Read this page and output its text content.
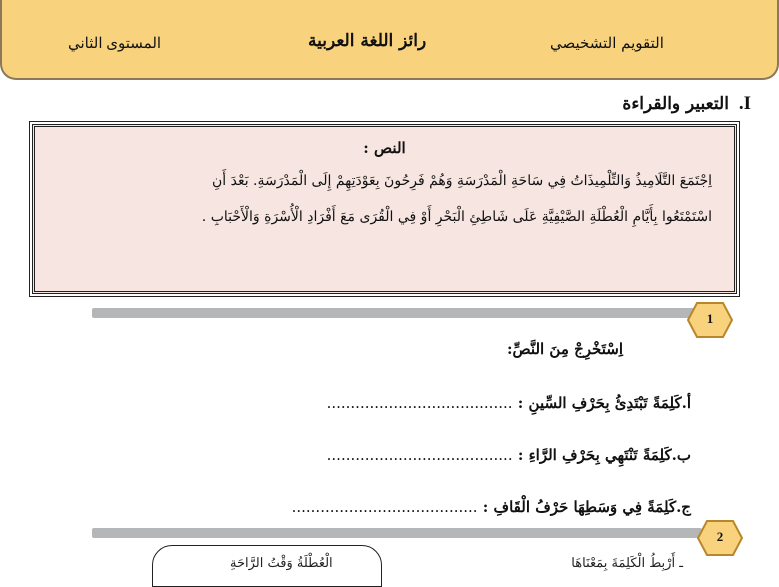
المستوى الثاني	رائز اللغة العربية	التقويم التشخيصي
I. التعبير والقراءة
النص :
اِجْتَمَعَ التَّلَامِيذُ وَالتِّلْمِيذَاتُ فِي سَاحَةِ الْمَدْرَسَةِ وَهُمْ فَرِحُونَ بِعَوْدَتِهِمْ إِلَى الْمَدْرَسَةِ. بَعْدَ أَنِ
اسْتَمْتَعُوا بِأَيَّامِ الْعُطْلَةِ الصَّيْفِيَّةِ عَلَى شَاطِئِ الْبَحْرِ أَوْ فِي الْقُرَى مَعَ أَفْرَادِ الْأُسْرَةِ وَالْأَحْبَابِ .
1
اِسْتَخْرِجْ مِنَ النَّصِّ:
أ.كَلِمَةً تَبْتَدِئُ بِحَرْفِ السِّينِ : .......................................
ب.كَلِمَةً تَنْتَهِي بِحَرْفِ الرَّاءِ : .......................................
ج.كَلِمَةً فِي وَسَطِهَا حَرْفُ الْقَافِ : .......................................
2
ـ أَرْبِطُ الْكَلِمَةَ بِمَعْنَاهَا
الْعُطْلَةُ وَقْتُ الرَّاحَةِ
